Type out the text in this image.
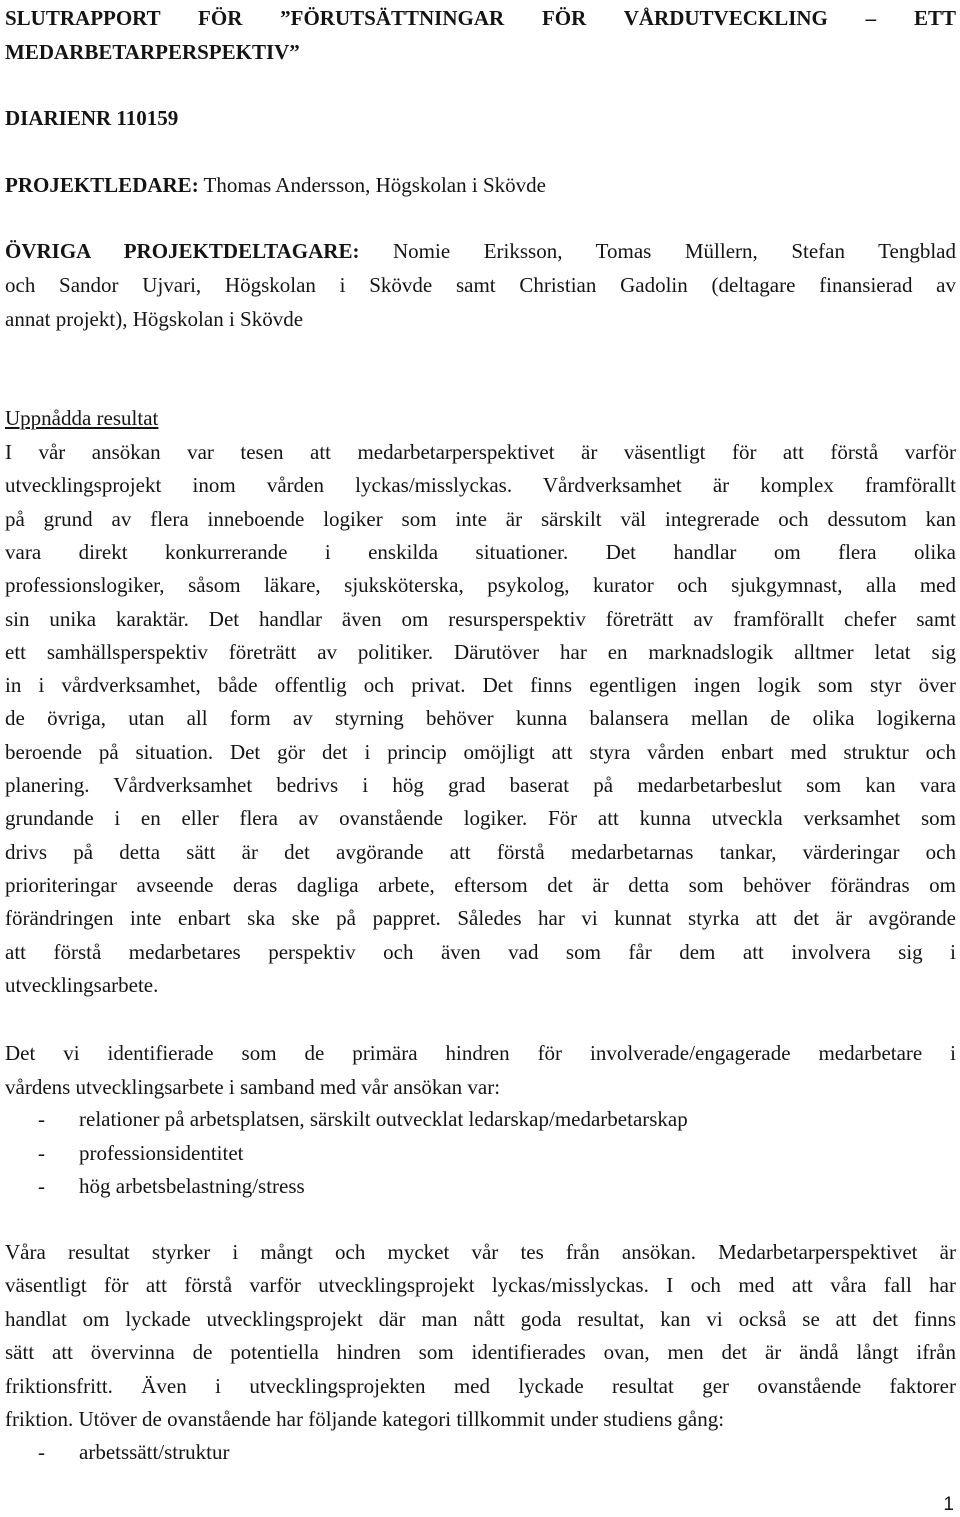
SLUTRAPPORT FÖR ”FÖRUTSÄTTNINGAR FÖR VÅRDUTVECKLING – ETT
MEDARBETARPERSPEKTIV”
DIARIENR 110159
PROJEKTLEDARE: Thomas Andersson, Högskolan i Skövde
ÖVRIGA PROJEKTDELTAGARE: Nomie Eriksson, Tomas Müllern, Stefan Tengblad
och Sandor Ujvari, Högskolan i Skövde samt Christian Gadolin (deltagare finansierad av
annat projekt), Högskolan i Skövde
Uppnådda resultat
I vår ansökan var tesen att medarbetarperspektivet är väsentligt för att förstå varför
utvecklingsprojekt inom vården lyckas/misslyckas. Vårdverksamhet är komplex framförallt
på grund av flera inneboende logiker som inte är särskilt väl integrerade och dessutom kan
vara direkt konkurrerande i enskilda situationer. Det handlar om flera olika
professionslogiker, såsom läkare, sjuksköterska, psykolog, kurator och sjukgymnast, alla med
sin unika karaktär. Det handlar även om resursperspektiv företrätt av framförallt chefer samt
ett samhällsperspektiv företrätt av politiker. Därutöver har en marknadslogik alltmer letat sig
in i vårdverksamhet, både offentlig och privat. Det finns egentligen ingen logik som styr över
de övriga, utan all form av styrning behöver kunna balansera mellan de olika logikerna
beroende på situation. Det gör det i princip omöjligt att styra vården enbart med struktur och
planering. Vårdverksamhet bedrivs i hög grad baserat på medarbetarbeslut som kan vara
grundande i en eller flera av ovanstående logiker. För att kunna utveckla verksamhet som
drivs på detta sätt är det avgörande att förstå medarbetarnas tankar, värderingar och
prioriteringar avseende deras dagliga arbete, eftersom det är detta som behöver förändras om
förändringen inte enbart ska ske på pappret. Således har vi kunnat styrka att det är avgörande
att förstå medarbetares perspektiv och även vad som får dem att involvera sig i
utvecklingsarbete.
Det vi identifierade som de primära hindren för involverade/engagerade medarbetare i
vårdens utvecklingsarbete i samband med vår ansökan var:
- relationer på arbetsplatsen, särskilt outvecklat ledarskap/medarbetarskap
- professionsidentitet
- hög arbetsbelastning/stress
Våra resultat styrker i mångt och mycket vår tes från ansökan. Medarbetarperspektivet är
väsentligt för att förstå varför utvecklingsprojekt lyckas/misslyckas. I och med att våra fall har
handlat om lyckade utvecklingsprojekt där man nått goda resultat, kan vi också se att det finns
sätt att övervinna de potentiella hindren som identifierades ovan, men det är ändå långt ifrån
friktionsfritt. Även i utvecklingsprojekten med lyckade resultat ger ovanstående faktorer
friktion. Utöver de ovanstående har följande kategori tillkommit under studiens gång:
- arbetssätt/struktur
1
